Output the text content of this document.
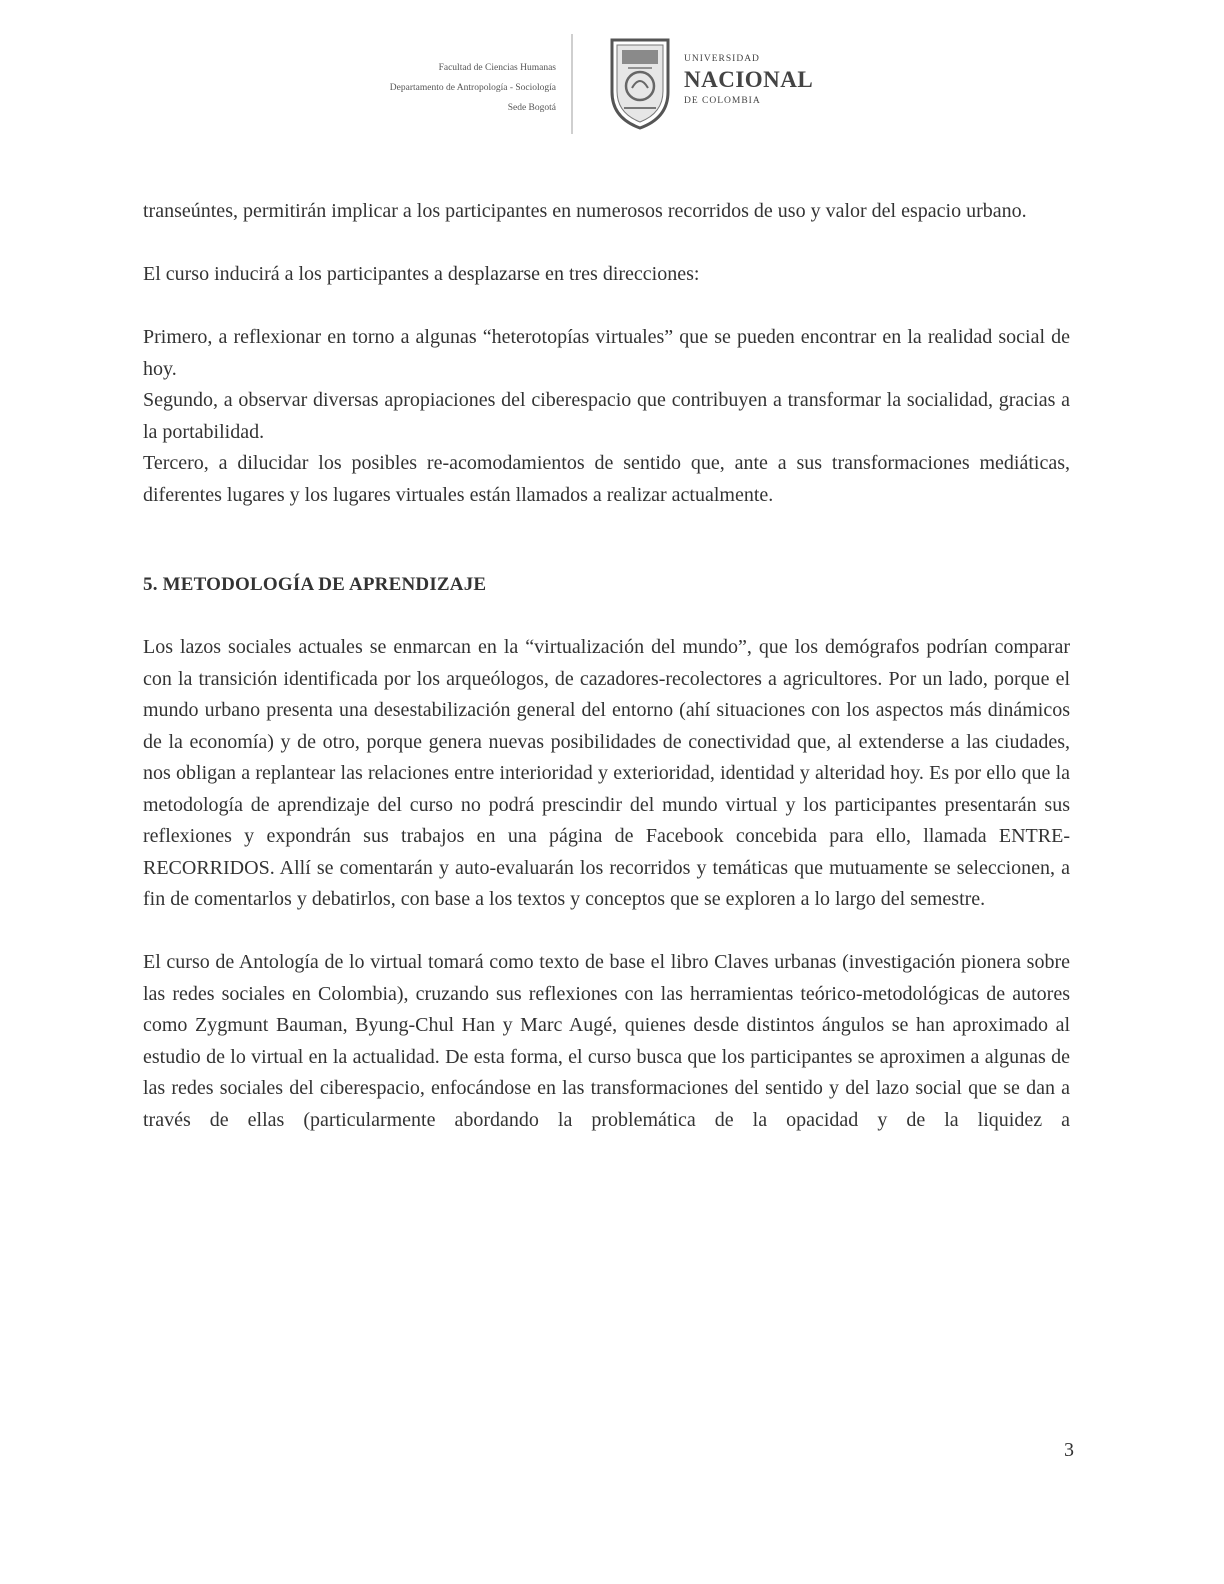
Facultad de Ciencias Humanas
Departamento de Antropología - Sociología
Sede Bogotá
UNIVERSIDAD
NACIONAL
DE COLOMBIA

transeúntes, permitirán implicar a los participantes en numerosos recorridos de uso y valor del espacio urbano.

El curso inducirá a los participantes a desplazarse en tres direcciones:

Primero, a reflexionar en torno a algunas “heterotopías virtuales” que se pueden encontrar en la realidad social de hoy.

Segundo, a observar diversas apropiaciones del ciberespacio que contribuyen a transformar la socialidad, gracias a la portabilidad.

Tercero, a dilucidar los posibles re-acomodamientos de sentido que, ante a sus transformaciones mediáticas, diferentes lugares y los lugares virtuales están llamados a realizar actualmente.

5. METODOLOGÍA DE APRENDIZAJE

Los lazos sociales actuales se enmarcan en la “virtualización del mundo”, que los demógrafos podrían comparar con la transición identificada por los arqueólogos, de cazadores-recolectores a agricultores. Por un lado, porque el mundo urbano presenta una desestabilización general del entorno (ahí situaciones con los aspectos más dinámicos de la economía) y de otro, porque genera nuevas posibilidades de conectividad que, al extenderse a las ciudades, nos obligan a replantear las relaciones entre interioridad y exterioridad, identidad y alteridad hoy. Es por ello que la metodología de aprendizaje del curso no podrá prescindir del mundo virtual y los participantes presentarán sus reflexiones y expondrán sus trabajos en una página de Facebook concebida para ello, llamada ENTRE-RECORRIDOS. Allí se comentarán y auto-evaluarán los recorridos y temáticas que mutuamente se seleccionen, a fin de comentarlos y debatirlos, con base a los textos y conceptos que se exploren a lo largo del semestre.

El curso de Antología de lo virtual tomará como texto de base el libro Claves urbanas (investigación pionera sobre las redes sociales en Colombia), cruzando sus reflexiones con las herramientas teórico-metodológicas de autores como Zygmunt Bauman, Byung-Chul Han y Marc Augé, quienes desde distintos ángulos se han aproximado al estudio de lo virtual en la actualidad. De esta forma, el curso busca que los participantes se aproximen a algunas de las redes sociales del ciberespacio, enfocándose en las transformaciones del sentido y del lazo social que se dan a través de ellas (particularmente abordando la problemática de la opacidad y de la liquidez a

3
